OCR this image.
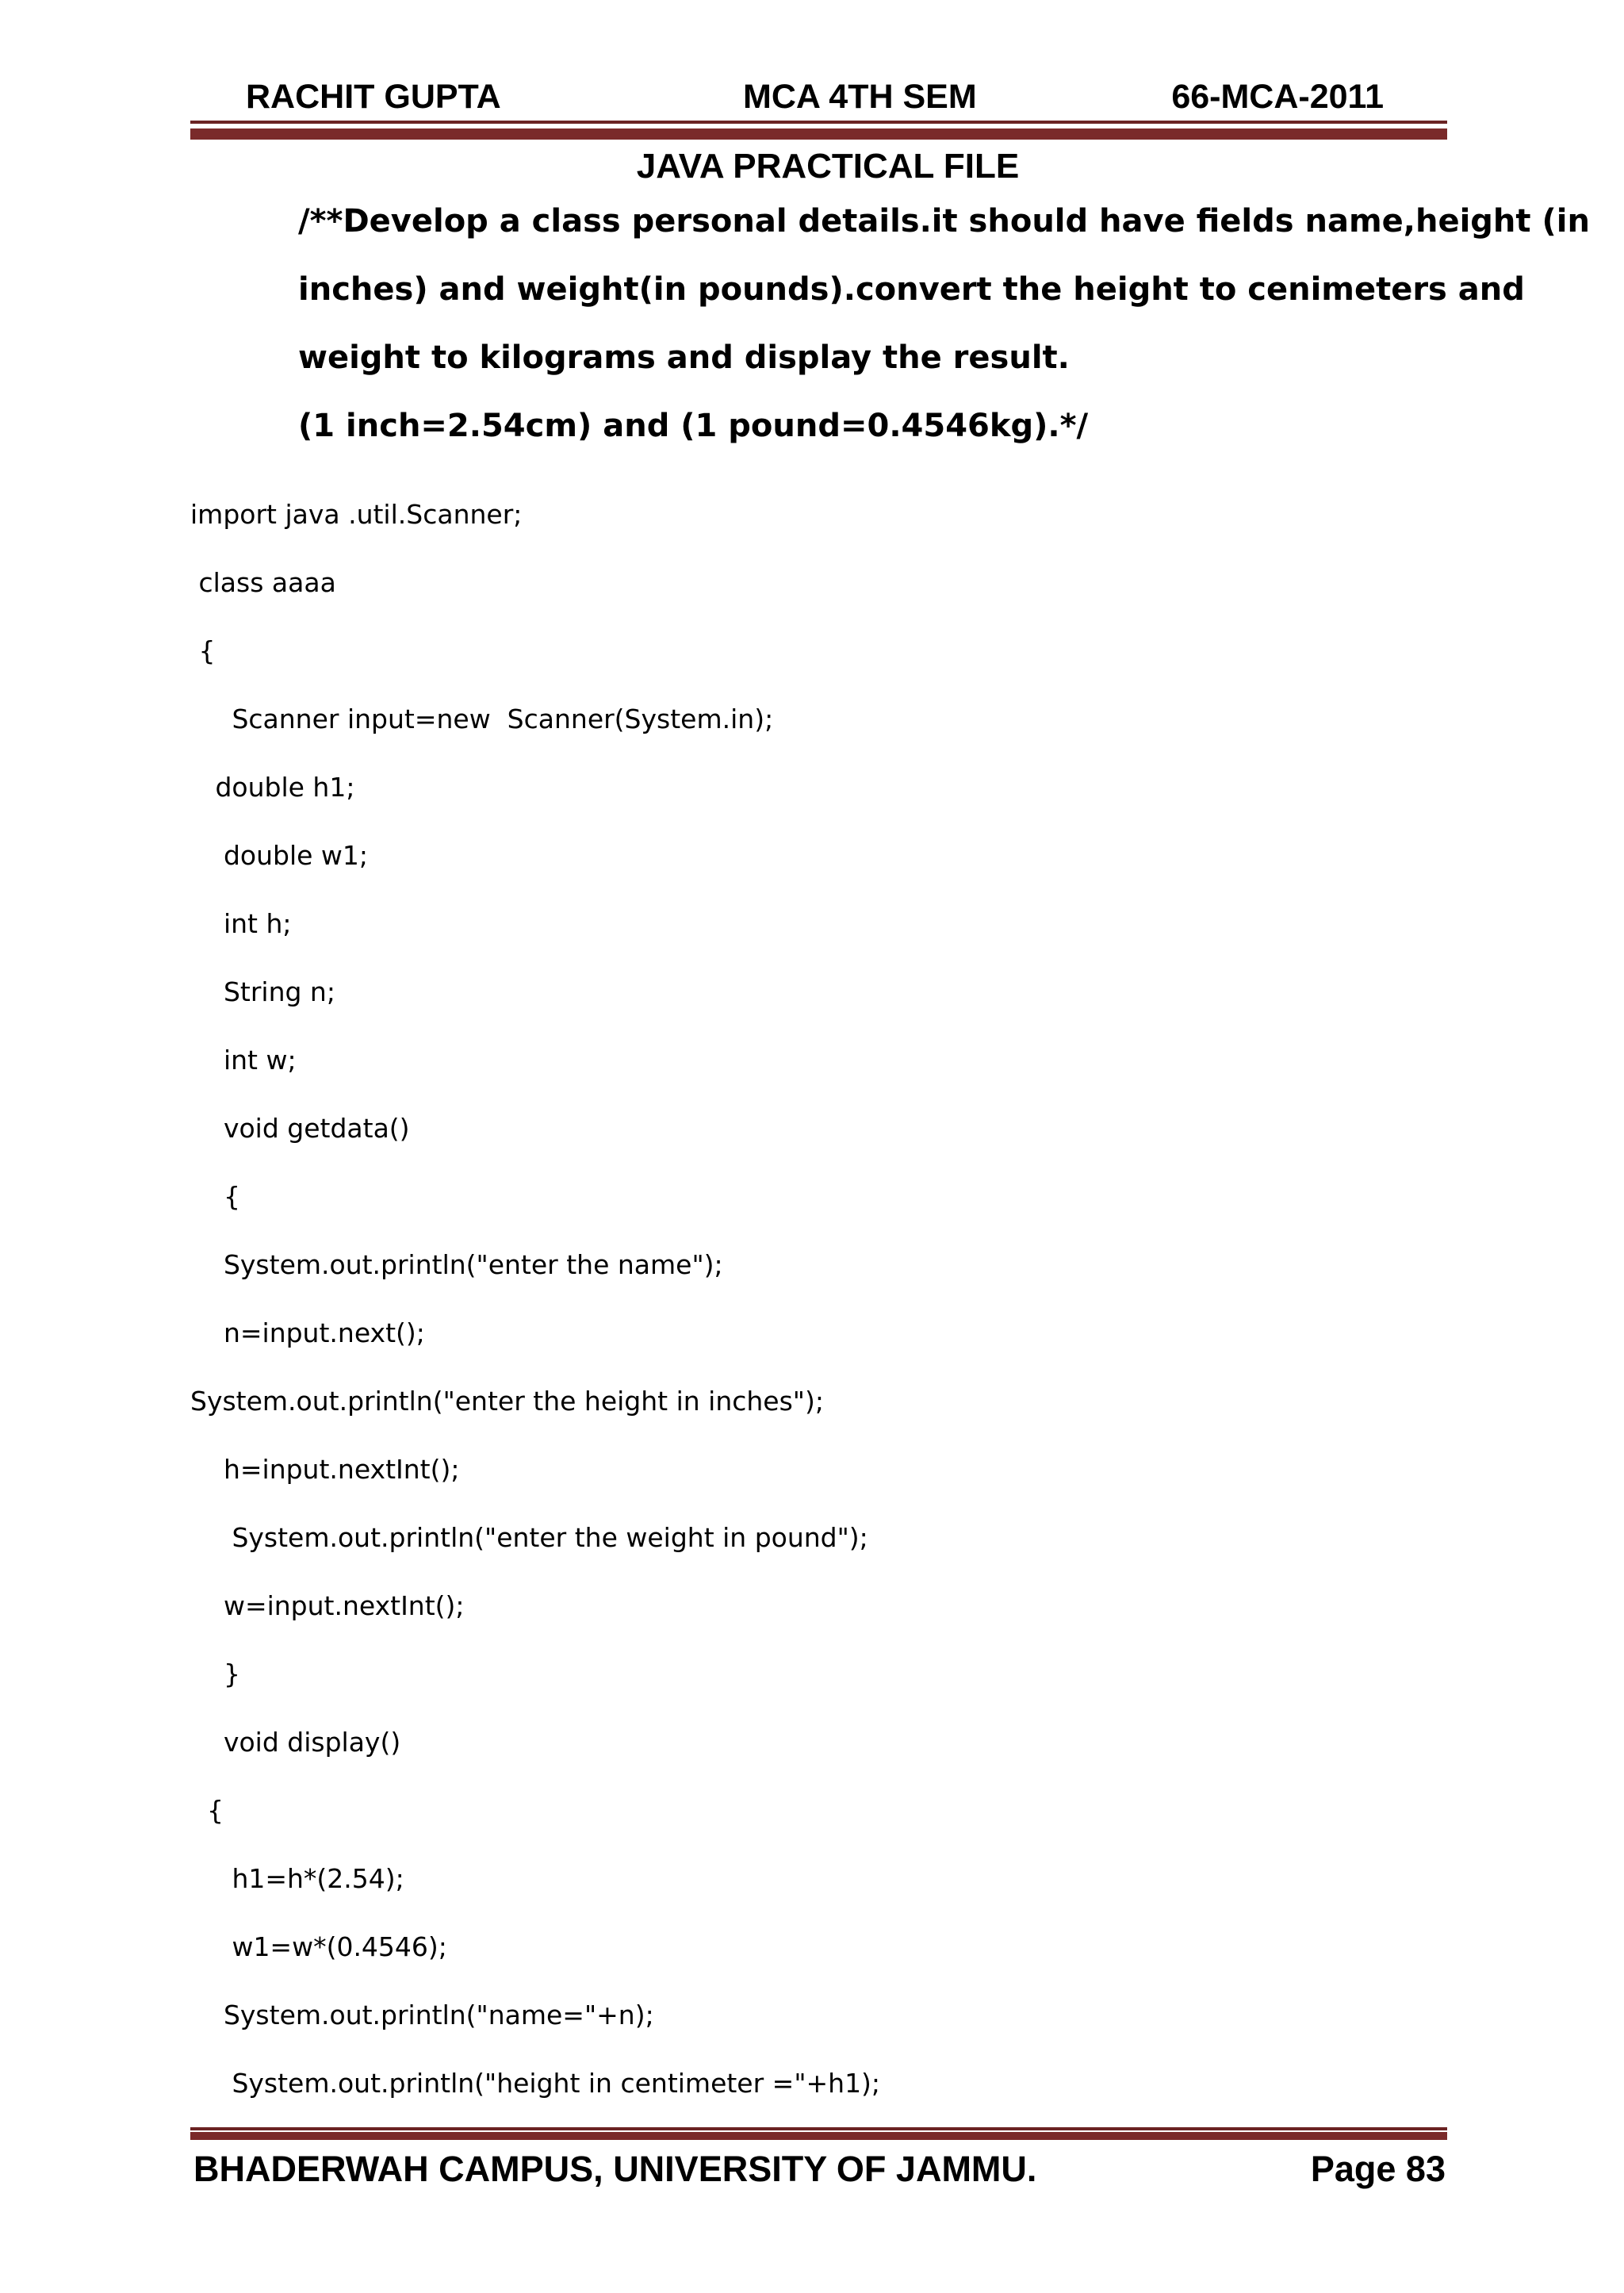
RACHIT GUPTA	MCA 4TH SEM	66-MCA-2011
JAVA PRACTICAL FILE
/**Develop a class personal details.it should have fields name,height (in
inches) and weight(in pounds).convert the height to cenimeters and
weight to kilograms and display the result.
(1 inch=2.54cm) and (1 pound=0.4546kg).*/
import java .util.Scanner;
class aaaa
{
Scanner input=new  Scanner(System.in);
double h1;
double w1;
int h;
String n;
int w;
void getdata()
{
System.out.println("enter the name");
n=input.next();
System.out.println("enter the height in inches");
h=input.nextInt();
System.out.println("enter the weight in pound");
w=input.nextInt();
}
void display()
{
h1=h*(2.54);
w1=w*(0.4546);
System.out.println("name="+n);
System.out.println("height in centimeter ="+h1);
BHADERWAH CAMPUS, UNIVERSITY OF JAMMU.	Page 83
